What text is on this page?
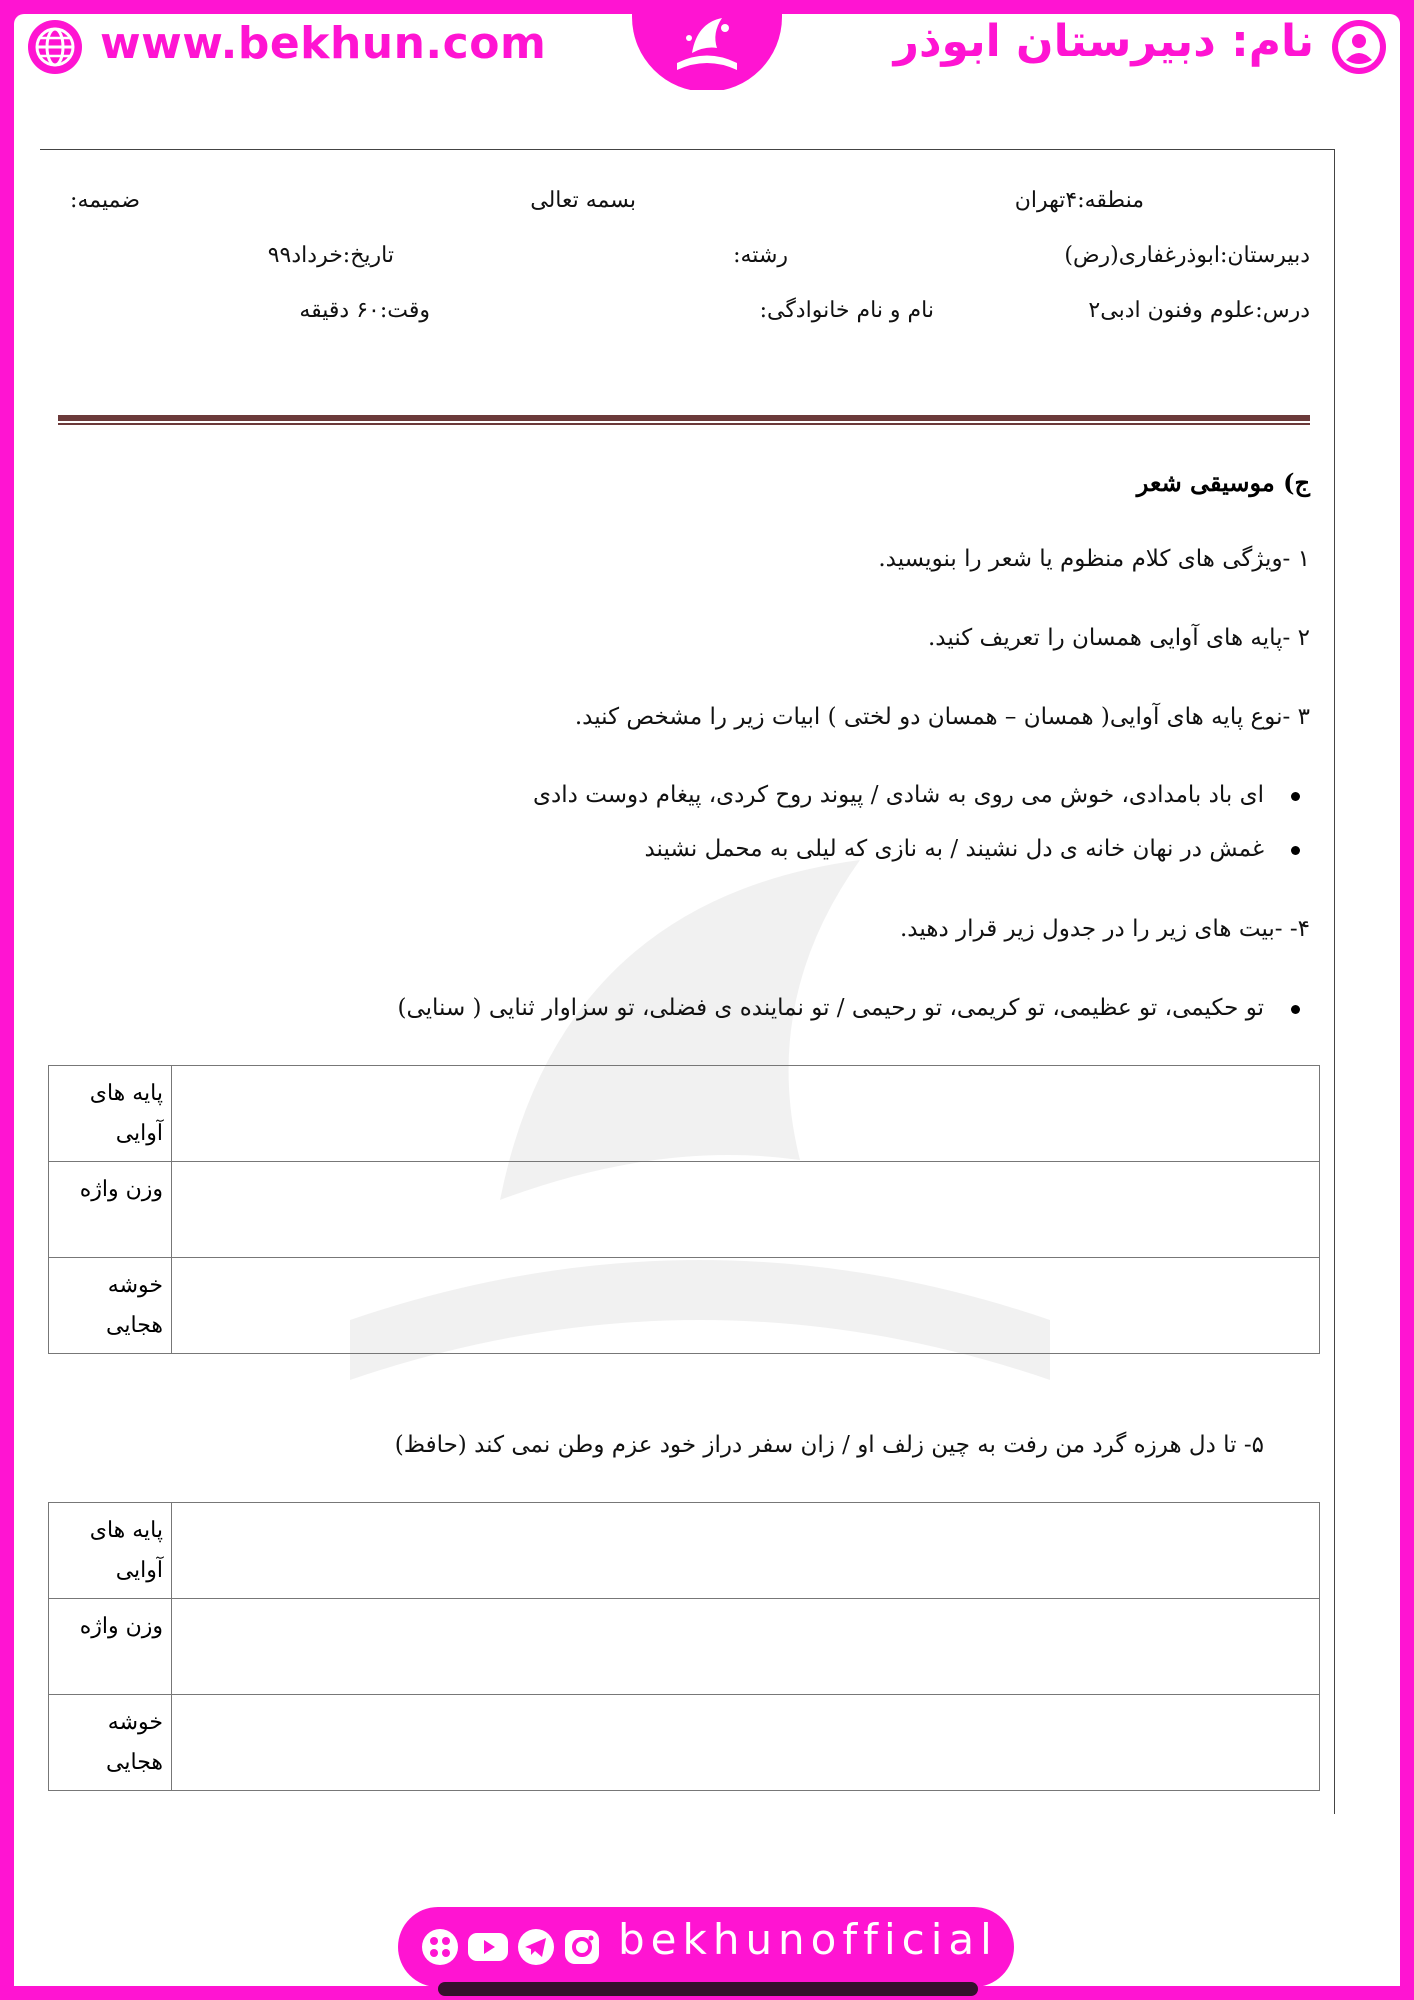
www.bekhun.com	نام: دبیرستان ابوذر
منطقه:۴تهران
بسمه تعالی
ضمیمه:
دبیرستان:ابوذرغفاری(رض)
رشته:
تاریخ:خرداد۹۹
درس:علوم وفنون ادبی۲
نام و نام خانوادگی:
وقت:۶۰ دقیقه
ج) موسیقی شعر
۱ -ویژگی های کلام منظوم یا شعر را بنویسید.
۲ -پایه های آوایی همسان را تعریف کنید.
۳ -نوع پایه های آوایی( همسان – همسان دو لختی ) ابیات زیر را مشخص کنید.
ای باد بامدادی، خوش می روی به شادی / پیوند روح کردی، پیغام دوست دادی
غمش در نهان خانه ی دل نشیند / به نازی که لیلی به محمل نشیند
۴- -بیت های زیر را در جدول زیر قرار دهید.
تو حکیمی، تو عظیمی، تو کریمی، تو رحیمی / تو نماینده ی فضلی، تو سزاوار ثنایی ( سنایی)
پایه های
آوایی	
وزن واژه	
خوشه
هجایی	
۵- تا دل هرزه گرد من رفت به چین زلف او / زان سفر دراز خود عزم وطن نمی کند (حافظ)
پایه های
آوایی	
وزن واژه	
خوشه
هجایی	
bekhunofficial
